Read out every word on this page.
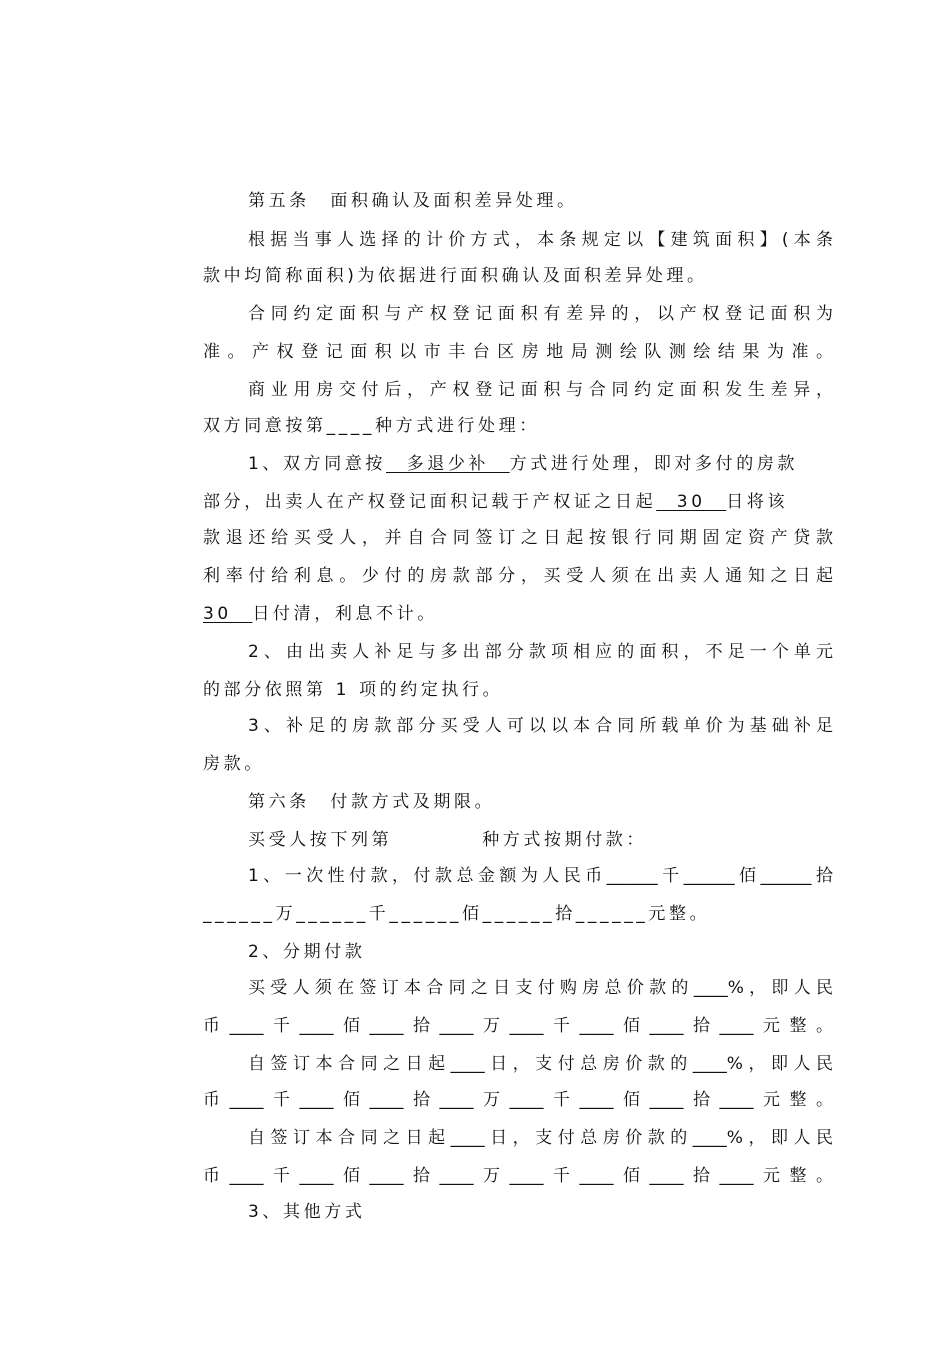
第五条　面积确认及面积差异处理。
根据当事人选择的计价方式，本条规定以【建筑面积】(本条
款中均简称面积)为依据进行面积确认及面积差异处理。
合同约定面积与产权登记面积有差异的，以产权登记面积为
准。产权登记面积以市丰台区房地局测绘队测绘结果为准。
商业用房交付后，产权登记面积与合同约定面积发生差异，
双方同意按第____种方式进行处理：
1、双方同意按　多退少补　方式进行处理，即对多付的房款
部分，出卖人在产权登记面积记载于产权证之日起　30　日将该
款退还给买受人，并自合同签订之日起按银行同期固定资产贷款
利率付给利息。少付的房款部分，买受人须在出卖人通知之日起
30　日付清，利息不计。
2、由出卖人补足与多出部分款项相应的面积，不足一个单元
的部分依照第 1 项的约定执行。
3、补足的房款部分买受人可以以本合同所载单价为基础补足
房款。
第六条　付款方式及期限。
买受人按下列第	种方式按期付款：
1、一次性付款，付款总金额为人民币______千______佰______拾
______万______千______佰______拾______元整。
2、分期付款
买受人须在签订本合同之日支付购房总价款的____%，即人民
币____千____佰____拾____万____千____佰____拾____元整。
自签订本合同之日起____日，支付总房价款的____%，即人民
币____千____佰____拾____万____千____佰____拾____元整。
自签订本合同之日起____日，支付总房价款的____%，即人民
币____千____佰____拾____万____千____佰____拾____元整。
3、其他方式
